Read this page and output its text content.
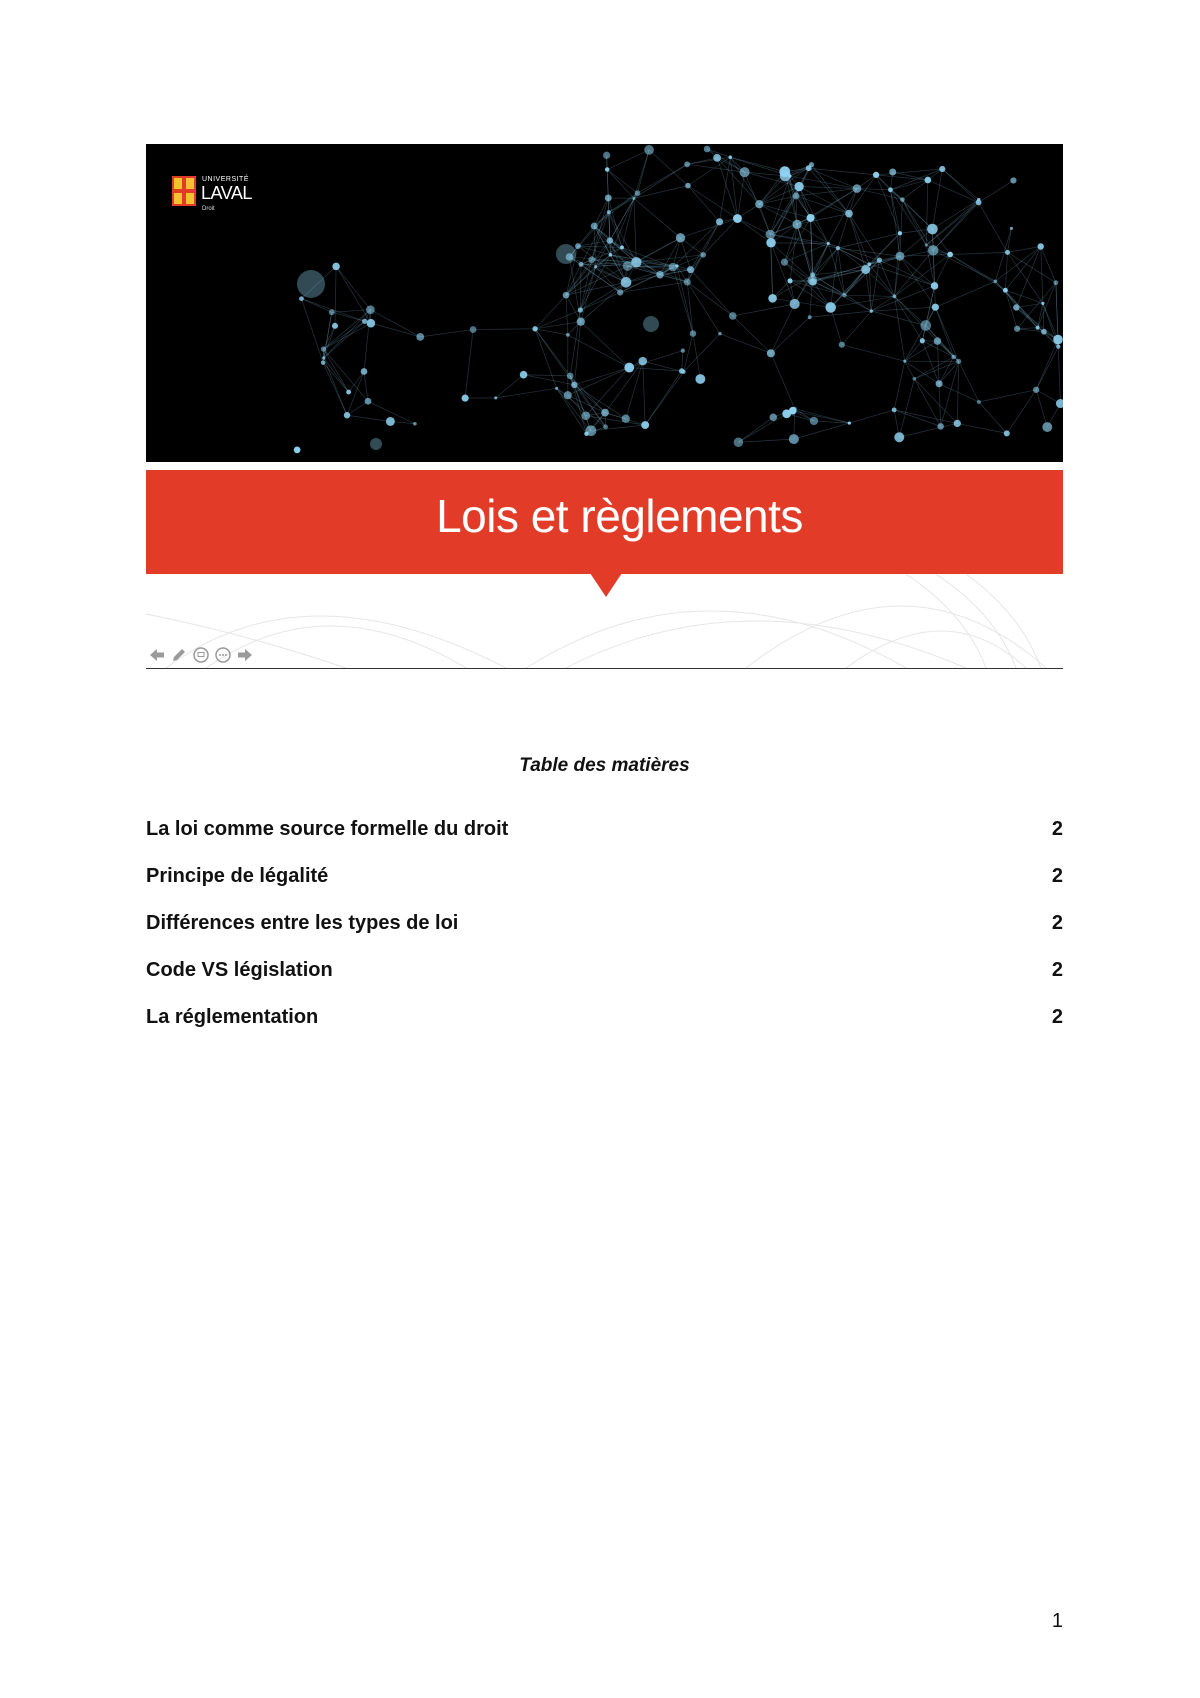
UNIVERSITÉ
LAVAL
Droit
Lois et règlements
Table des matières
La loi comme source formelle du droit	2
Principe de légalité	2
Différences entre les types de loi	2
Code VS législation	2
La réglementation	2
1
